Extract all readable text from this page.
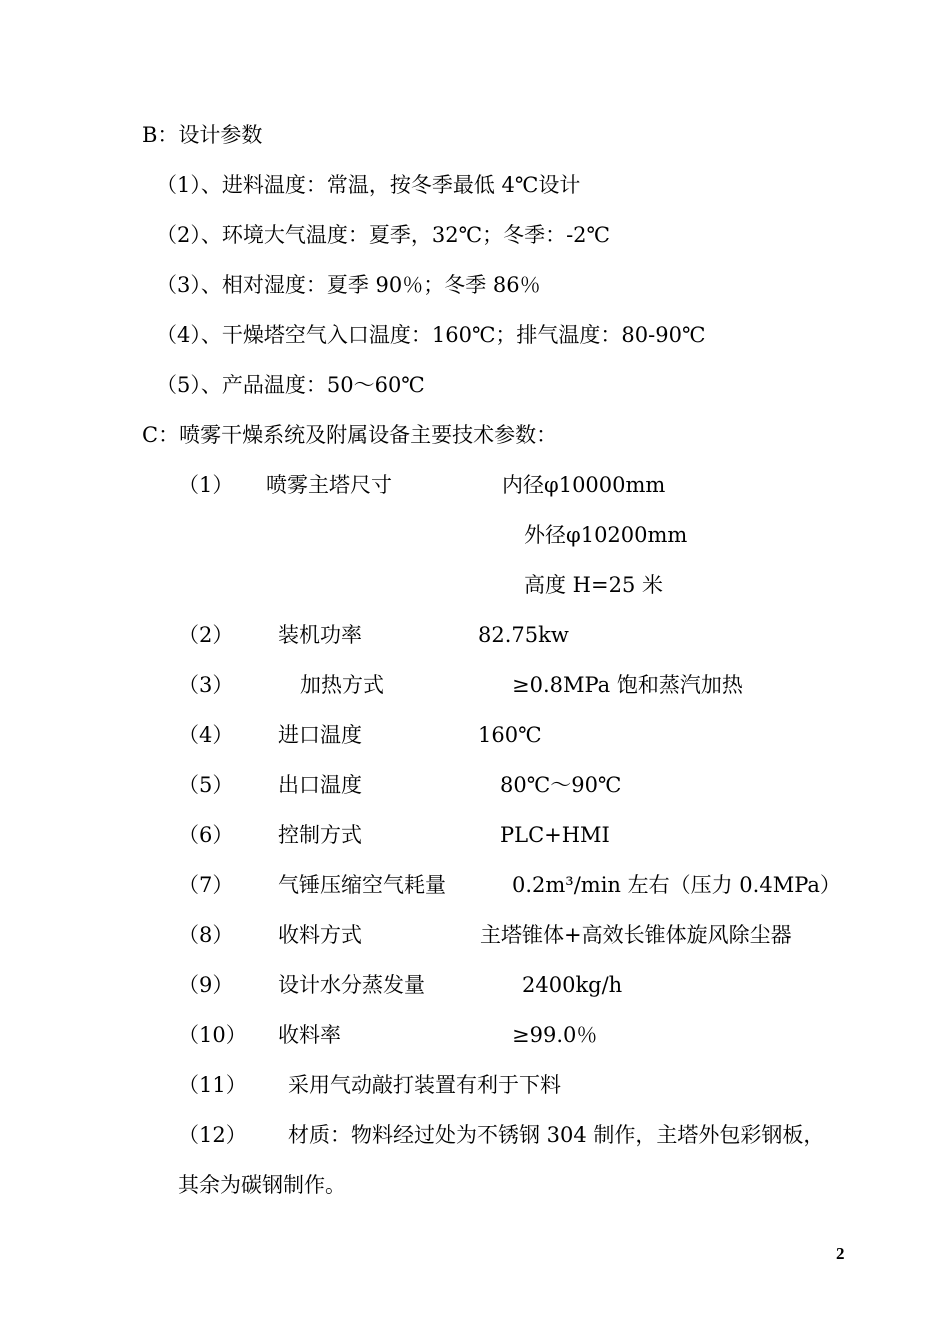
B：设计参数
（1）、进料温度：常温，按冬季最低 4℃设计
（2）、环境大气温度：夏季，32℃；冬季：-2℃
（3）、相对湿度：夏季 90％；冬季 86％
（4）、干燥塔空气入口温度：160℃；排气温度：80-90℃
（5）、产品温度：50～60℃
C：喷雾干燥系统及附属设备主要技术参数：
（1） 喷雾主塔尺寸	内径φ10000mm
外径φ10200mm
高度 H=25 米
（2） 装机功率	82.75kw
（3）	加热方式	≥0.8MPa 饱和蒸汽加热
（4） 进口温度	160℃
（5） 出口温度	80℃～90℃
（6） 控制方式	PLC+HMI
（7） 气锤压缩空气耗量	0.2m³/min 左右（压力 0.4MPa）
（8） 收料方式	主塔锥体+高效长锥体旋风除尘器
（9） 设计水分蒸发量	2400kg/h
（10） 收料率	≥99.0％
（11） 采用气动敲打装置有利于下料
（12） 材质：物料经过处为不锈钢 304 制作，主塔外包彩钢板，
其余为碳钢制作。
2
